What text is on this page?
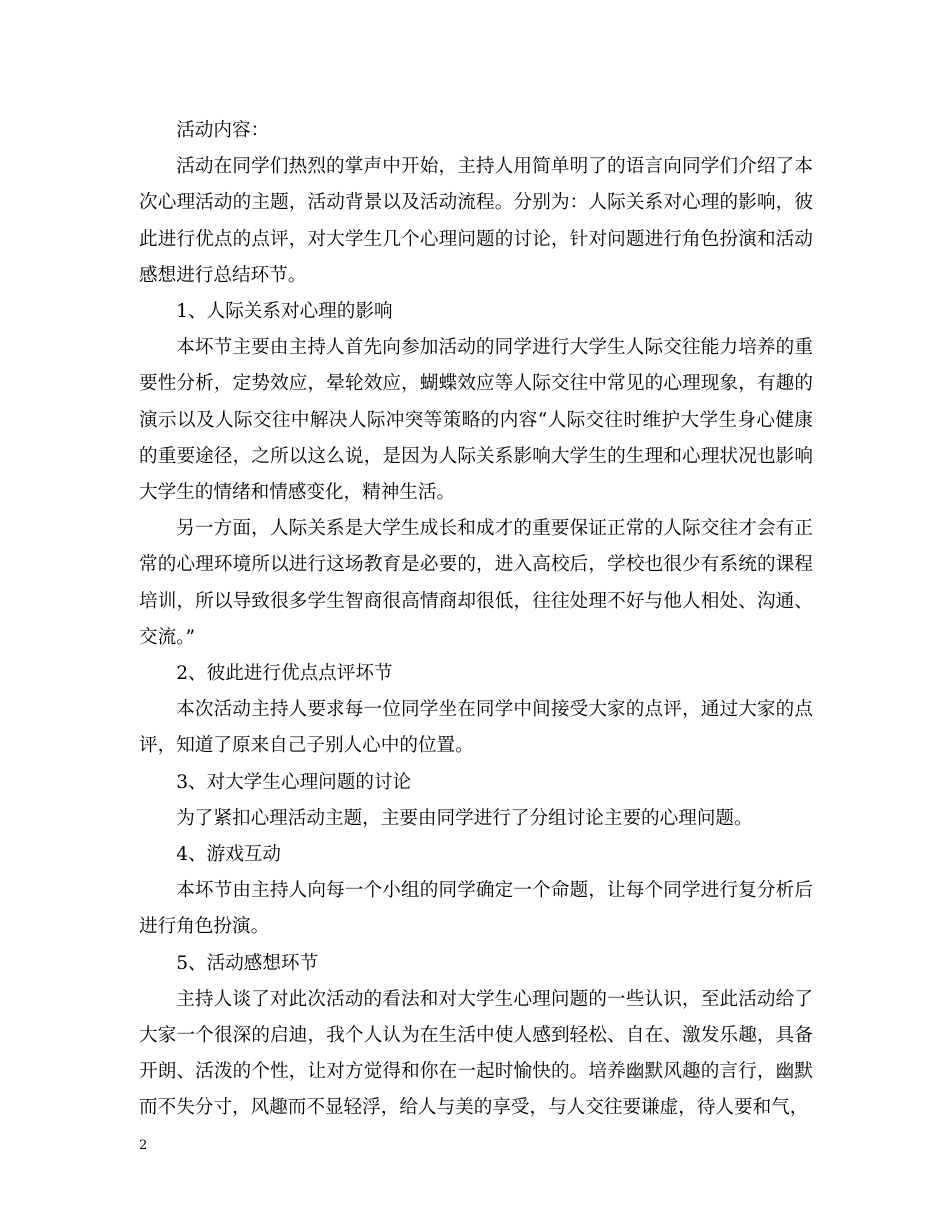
活动内容：

活动在同学们热烈的掌声中开始，主持人用简单明了的语言向同学们介绍了本次心理活动的主题，活动背景以及活动流程。分别为：人际关系对心理的影响，彼此进行优点的点评，对大学生几个心理问题的讨论，针对问题进行角色扮演和活动感想进行总结环节。

1、人际关系对心理的影响

本坏节主要由主持人首先向参加活动的同学进行大学生人际交往能力培养的重要性分析，定势效应，晕轮效应，蝴蝶效应等人际交往中常见的心理现象，有趣的演示以及人际交往中解决人际冲突等策略的内容“人际交往时维护大学生身心健康的重要途径，之所以这么说，是因为人际关系影响大学生的生理和心理状况也影响大学生的情绪和情感变化，精神生活。

另一方面，人际关系是大学生成长和成才的重要保证正常的人际交往才会有正常的心理环境所以进行这场教育是必要的，进入高校后，学校也很少有系统的课程培训，所以导致很多学生智商很高情商却很低，往往处理不好与他人相处、沟通、交流。”

2、彼此进行优点点评坏节

本次活动主持人要求每一位同学坐在同学中间接受大家的点评，通过大家的点评，知道了原来自己子别人心中的位置。

3、对大学生心理问题的讨论

为了紧扣心理活动主题，主要由同学进行了分组讨论主要的心理问题。

4、游戏互动

本坏节由主持人向每一个小组的同学确定一个命题，让每个同学进行复分析后进行角色扮演。

5、活动感想环节

主持人谈了对此次活动的看法和对大学生心理问题的一些认识，至此活动给了大家一个很深的启迪，我个人认为在生活中使人感到轻松、自在、激发乐趣，具备开朗、活泼的个性，让对方觉得和你在一起时愉快的。培养幽默风趣的言行，幽默而不失分寸，风趣而不显轻浮，给人与美的享受，与人交往要谦虚，待人要和气，

2
